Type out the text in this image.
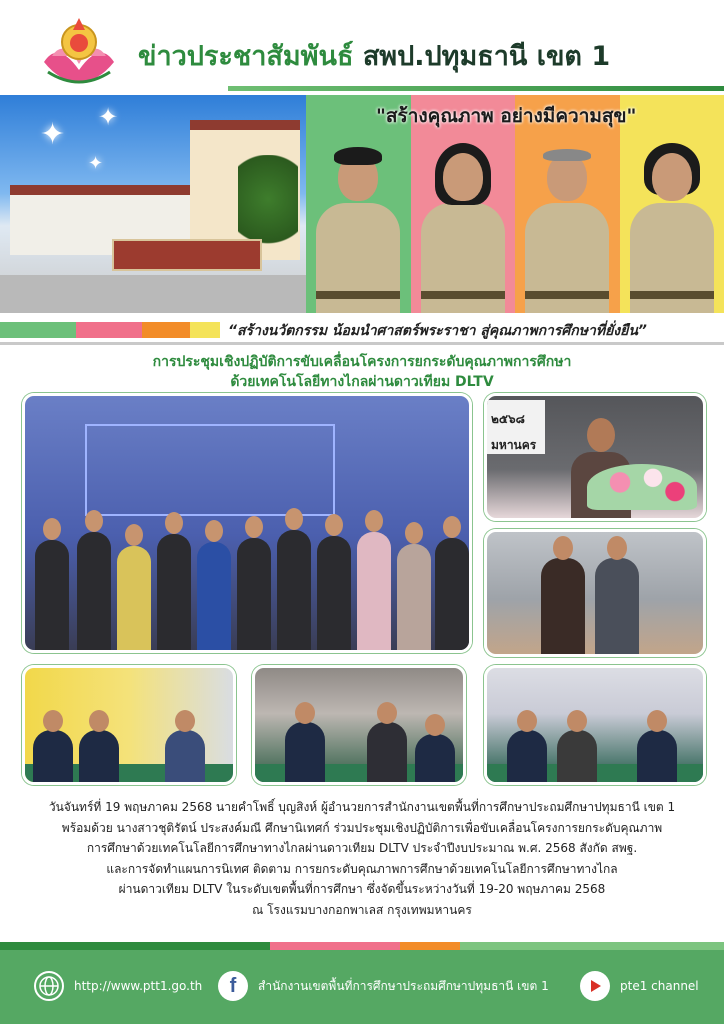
ข่าวประชาสัมพันธ์ สพป.ปทุมธานี เขต 1
✦ ✦
✦
"สร้างคุณภาพ อย่างมีความสุข"
“สร้างนวัตกรรม น้อมนำศาสตร์พระราชา สู่คุณภาพการศึกษาที่ยั่งยืน”
การประชุมเชิงปฏิบัติการขับเคลื่อนโครงการยกระดับคุณภาพการศึกษา
ด้วยเทคโนโลยีทางไกลผ่านดาวเทียม DLTV
๒๕๖๘ มหานคร
วันจันทร์ที่ 19 พฤษภาคม 2568 นายคำโพธิ์ บุญสิงห์ ผู้อำนวยการสำนักงานเขตพื้นที่การศึกษาประถมศึกษาปทุมธานี เขต 1
พร้อมด้วย นางสาวชุติรัตน์ ประสงค์มณี ศึกษานิเทศก์ ร่วมประชุมเชิงปฏิบัติการเพื่อขับเคลื่อนโครงการยกระดับคุณภาพ
การศึกษาด้วยเทคโนโลยีการศึกษาทางไกลผ่านดาวเทียม DLTV ประจำปีงบประมาณ พ.ศ. 2568 สังกัด สพฐ.
และการจัดทำแผนการนิเทศ ติดตาม การยกระดับคุณภาพการศึกษาด้วยเทคโนโลยีการศึกษาทางไกล
ผ่านดาวเทียม DLTV ในระดับเขตพื้นที่การศึกษา ซึ่งจัดขึ้นระหว่างวันที่ 19-20 พฤษภาคม 2568
ณ โรงแรมบางกอกพาเลส กรุงเทพมหานคร
http://www.ptt1.go.th	f	สำนักงานเขตพื้นที่การศึกษาประถมศึกษาปทุมธานี เขต 1	pte1 channel
